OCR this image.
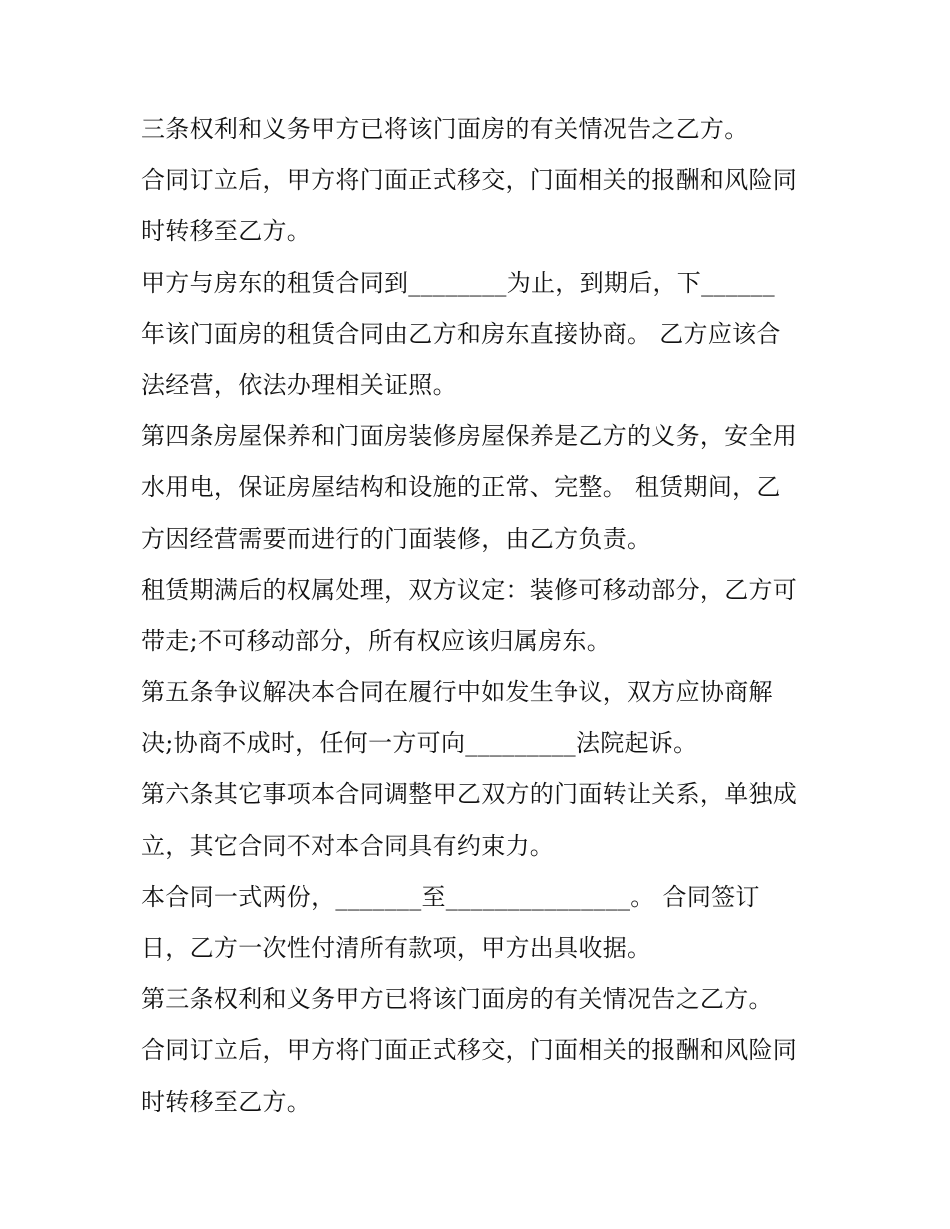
三条权利和义务甲方已将该门面房的有关情况告之乙方。
合同订立后，甲方将门面正式移交，门面相关的报酬和风险同
时转移至乙方。
甲方与房东的租赁合同到________为止，到期后，下______
年该门面房的租赁合同由乙方和房东直接协商。 乙方应该合
法经营，依法办理相关证照。
第四条房屋保养和门面房装修房屋保养是乙方的义务，安全用
水用电，保证房屋结构和设施的正常、完整。 租赁期间，乙
方因经营需要而进行的门面装修，由乙方负责。
租赁期满后的权属处理，双方议定：装修可移动部分，乙方可
带走;不可移动部分，所有权应该归属房东。
第五条争议解决本合同在履行中如发生争议，双方应协商解
决;协商不成时，任何一方可向_________法院起诉。
第六条其它事项本合同调整甲乙双方的门面转让关系，单独成
立，其它合同不对本合同具有约束力。
本合同一式两份，_______至_______________。 合同签订
日，乙方一次性付清所有款项，甲方出具收据。
第三条权利和义务甲方已将该门面房的有关情况告之乙方。
合同订立后，甲方将门面正式移交，门面相关的报酬和风险同
时转移至乙方。
